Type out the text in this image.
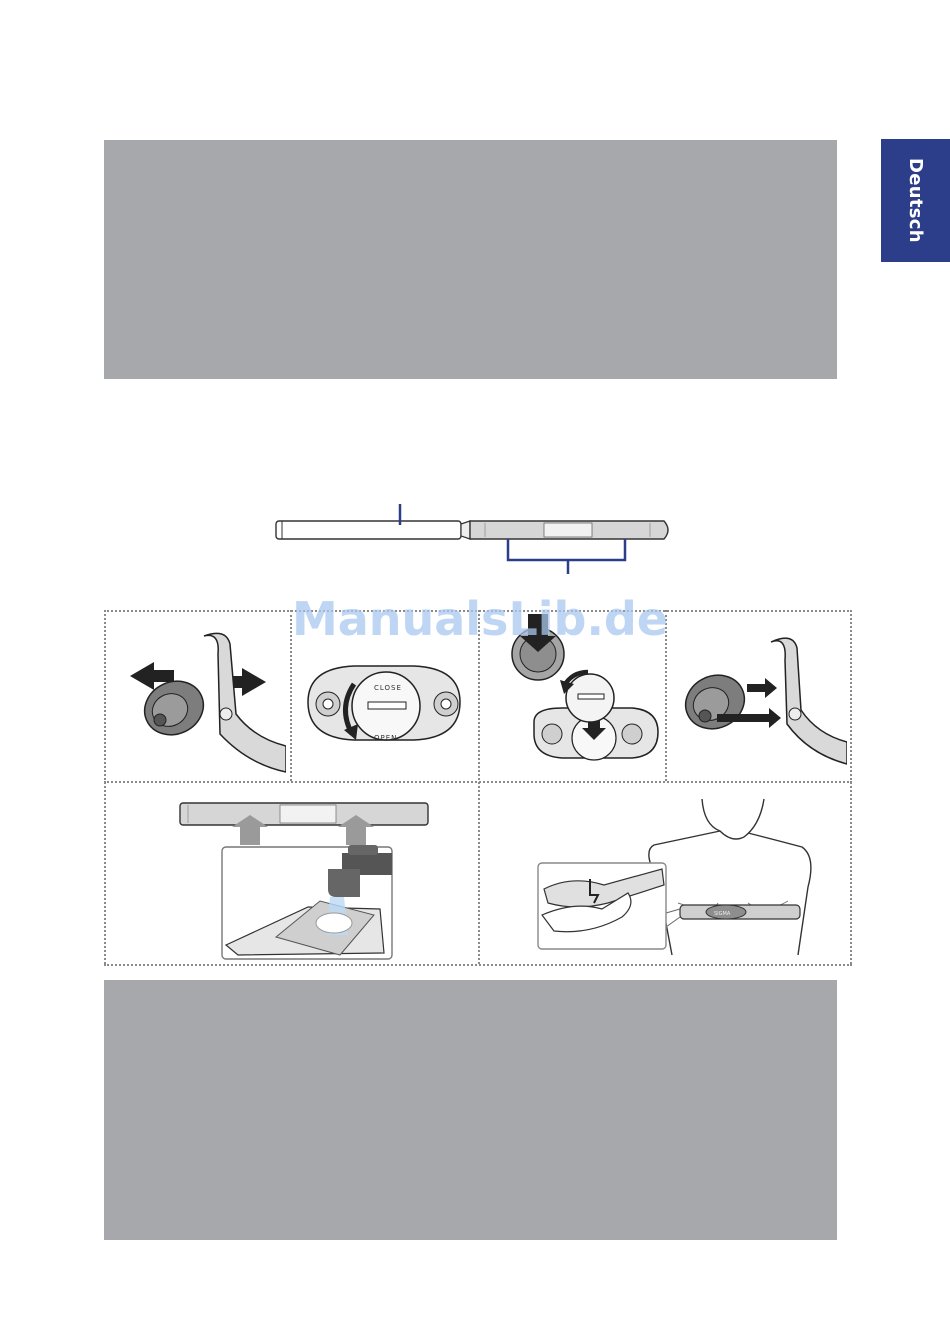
Deutsch
CLOSE
OPEN
SIGMA
ManualsLib.de
